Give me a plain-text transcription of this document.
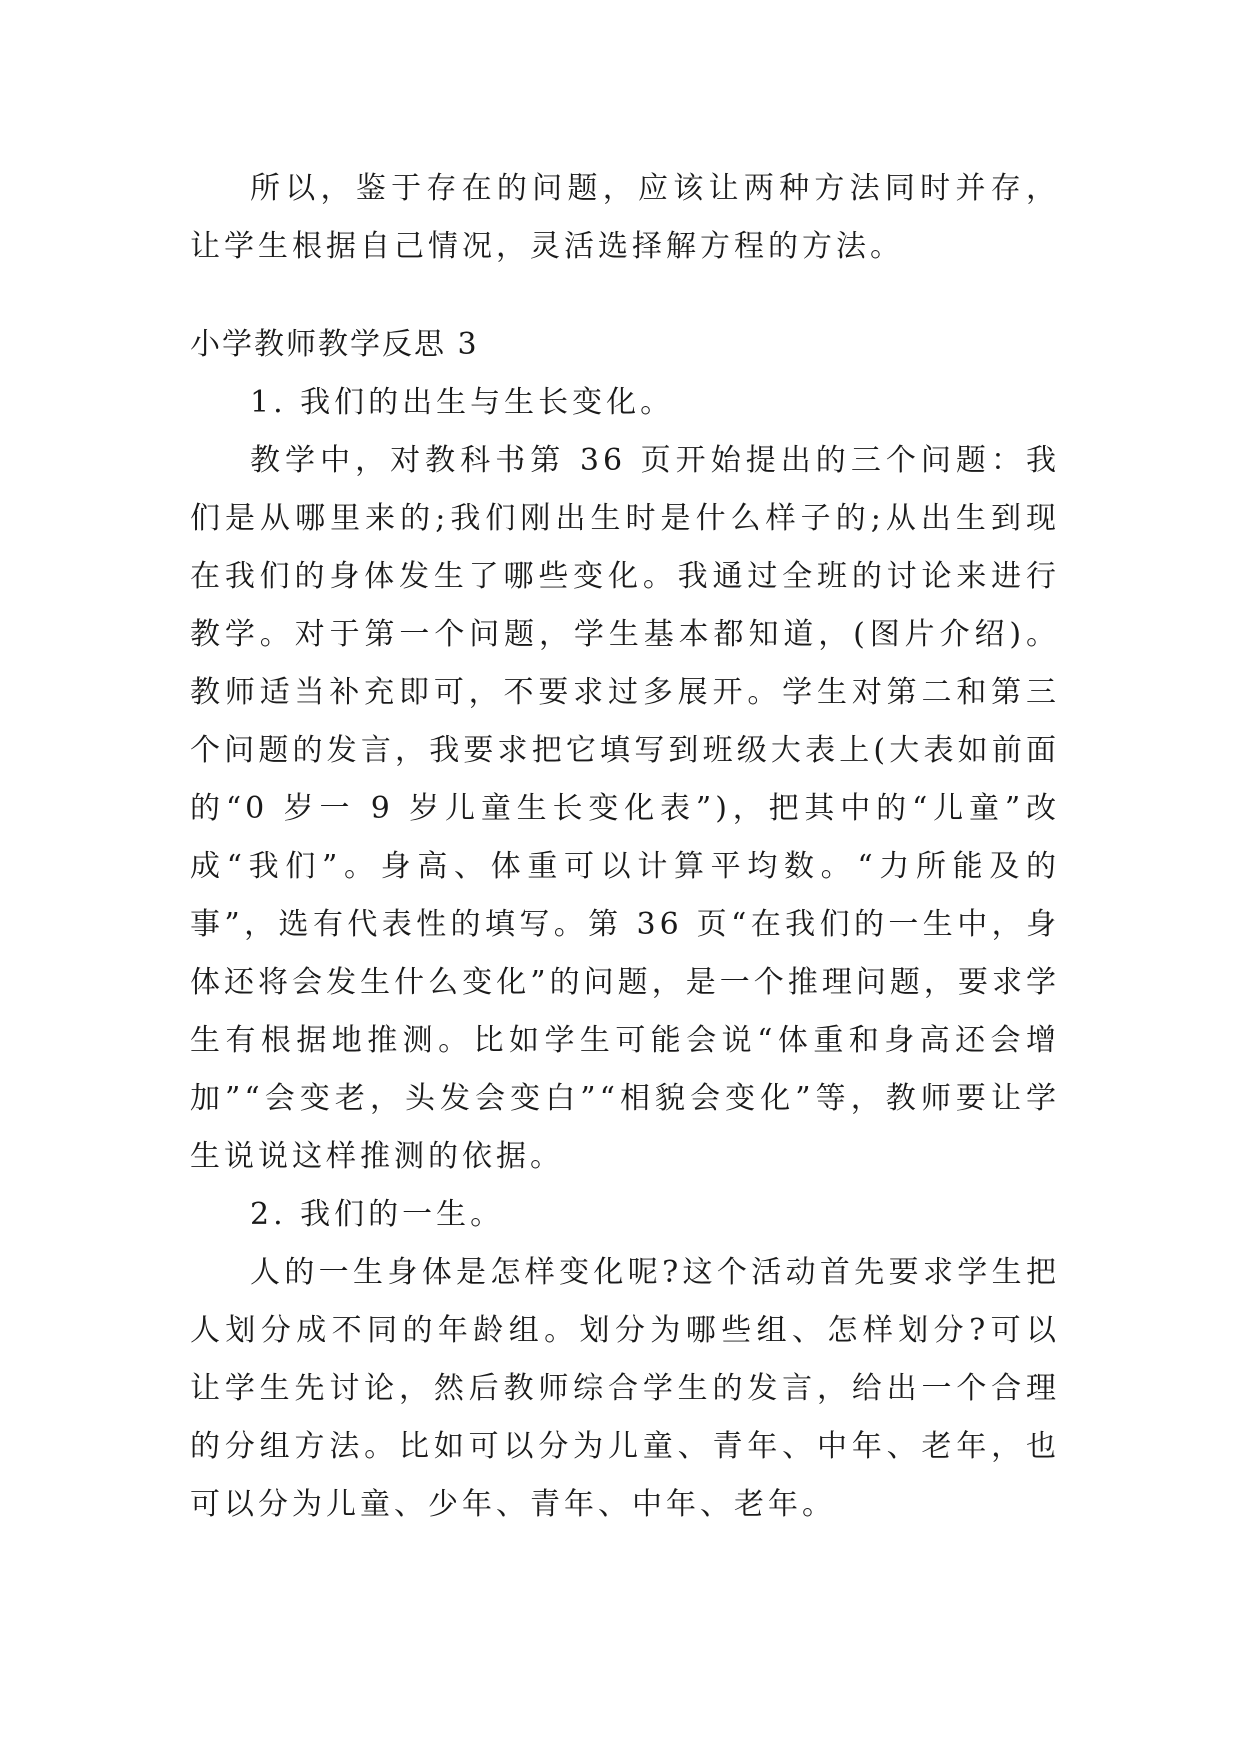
所以，鉴于存在的问题，应该让两种方法同时并存，让学生根据自己情况，灵活选择解方程的方法。

小学教师教学反思 3

1. 我们的出生与生长变化。

教学中，对教科书第 36 页开始提出的三个问题：我们是从哪里来的;我们刚出生时是什么样子的;从出生到现在我们的身体发生了哪些变化。我通过全班的讨论来进行教学。对于第一个问题，学生基本都知道，(图片介绍)。教师适当补充即可，不要求过多展开。学生对第二和第三个问题的发言，我要求把它填写到班级大表上(大表如前面的“0 岁一 9 岁儿童生长变化表”)，把其中的“儿童”改成“我们”。身高、体重可以计算平均数。“力所能及的事”，选有代表性的填写。第 36 页“在我们的一生中，身体还将会发生什么变化”的问题，是一个推理问题，要求学生有根据地推测。比如学生可能会说“体重和身高还会增加”“会变老，头发会变白”“相貌会变化”等，教师要让学生说说这样推测的依据。

2. 我们的一生。

人的一生身体是怎样变化呢?这个活动首先要求学生把人划分成不同的年龄组。划分为哪些组、怎样划分?可以让学生先讨论，然后教师综合学生的发言，给出一个合理的分组方法。比如可以分为儿童、青年、中年、老年，也可以分为儿童、少年、青年、中年、老年。
